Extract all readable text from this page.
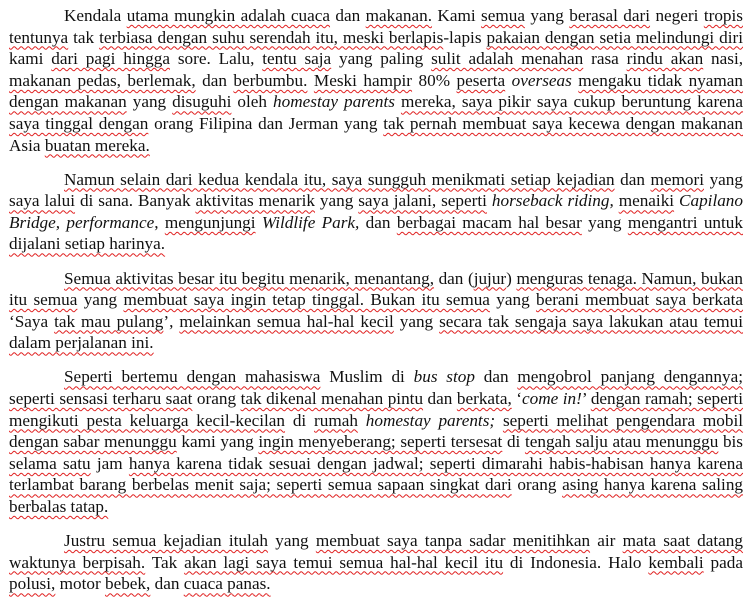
Kendala utama mungkin adalah cuaca dan makanan. Kami semua yang berasal dari negeri tropis tentunya tak terbiasa dengan suhu serendah itu, meski berlapis-lapis pakaian dengan setia melindungi diri kami dari pagi hingga sore. Lalu, tentu saja yang paling sulit adalah menahan rasa rindu akan nasi, makanan pedas, berlemak, dan berbumbu. Meski hampir 80% peserta overseas mengaku tidak nyaman dengan makanan yang disuguhi oleh homestay parents mereka, saya pikir saya cukup beruntung karena saya tinggal dengan orang Filipina dan Jerman yang tak pernah membuat saya kecewa dengan makanan Asia buatan mereka.

Namun selain dari kedua kendala itu, saya sungguh menikmati setiap kejadian dan memori yang saya lalui di sana. Banyak aktivitas menarik yang saya jalani, seperti horseback riding, menaiki Capilano Bridge, performance, mengunjungi Wildlife Park, dan berbagai macam hal besar yang mengantri untuk dijalani setiap harinya.

Semua aktivitas besar itu begitu menarik, menantang, dan (jujur) menguras tenaga. Namun, bukan itu semua yang membuat saya ingin tetap tinggal. Bukan itu semua yang berani membuat saya berkata ‘Saya tak mau pulang’, melainkan semua hal-hal kecil yang secara tak sengaja saya lakukan atau temui dalam perjalanan ini.

Seperti bertemu dengan mahasiswa Muslim di bus stop dan mengobrol panjang dengannya; seperti sensasi terharu saat orang tak dikenal menahan pintu dan berkata, ‘come in!’ dengan ramah; seperti mengikuti pesta keluarga kecil-kecilan di rumah homestay parents; seperti melihat pengendara mobil dengan sabar menunggu kami yang ingin menyeberang; seperti tersesat di tengah salju atau menunggu bis selama satu jam hanya karena tidak sesuai dengan jadwal; seperti dimarahi habis-habisan hanya karena terlambat barang berbelas menit saja; seperti semua sapaan singkat dari orang asing hanya karena saling berbalas tatap.

Justru semua kejadian itulah yang membuat saya tanpa sadar menitihkan air mata saat datang waktunya berpisah. Tak akan lagi saya temui semua hal-hal kecil itu di Indonesia. Halo kembali pada polusi, motor bebek, dan cuaca panas.
